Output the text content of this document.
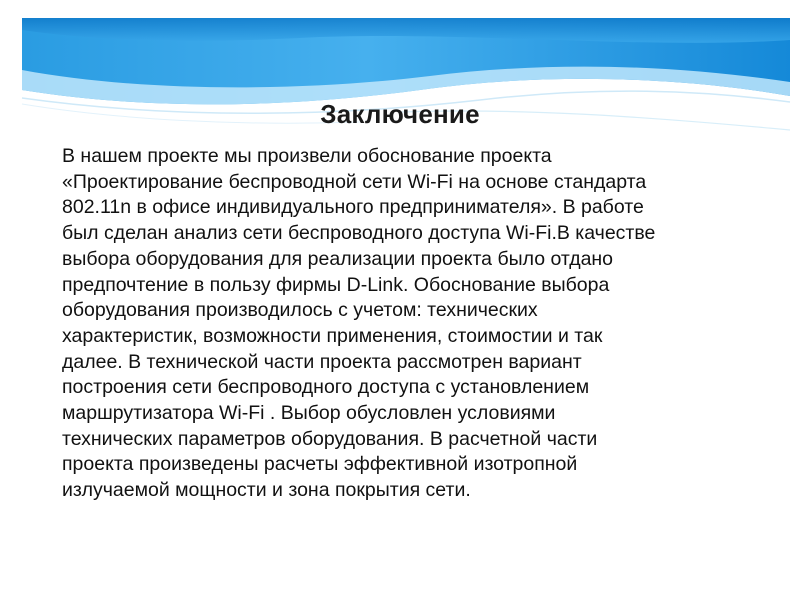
Заключение

В нашем проекте мы произвели обоснование проекта
«Проектирование беспроводной сети Wi-Fi на основе стандарта
802.11n в офисе индивидуального предпринимателя». В работе
был сделан анализ сети беспроводного доступа Wi-Fi.В качестве
выбора оборудования для реализации проекта было отдано
предпочтение в пользу фирмы D-Link. Обоснование выбора
оборудования производилось с учетом: технических
характеристик, возможности применения, стоимостии и так
далее. В технической части проекта рассмотрен вариант
построения сети беспроводного доступа с установлением
маршрутизатора Wi-Fi . Выбор обусловлен условиями
технических параметров оборудования. В расчетной части
проекта произведены расчеты эффективной изотропной
излучаемой мощности и зона покрытия сети.
